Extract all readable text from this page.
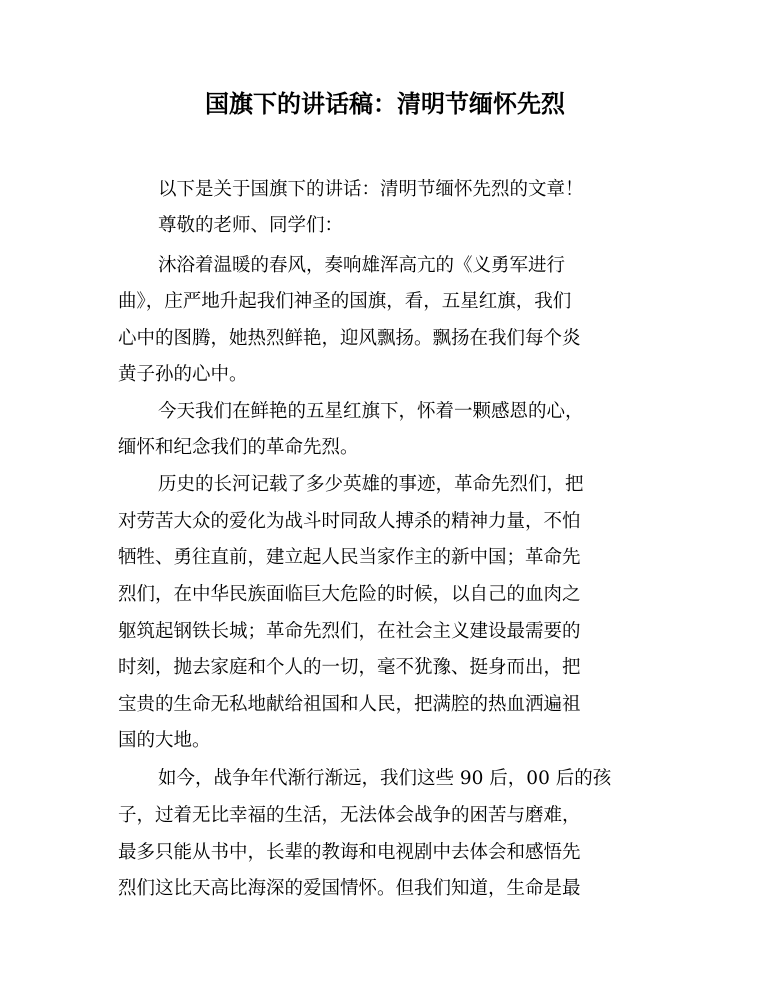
国旗下的讲话稿：清明节缅怀先烈
以下是关于国旗下的讲话：清明节缅怀先烈的文章！
尊敬的老师、同学们：
沐浴着温暖的春风，奏响雄浑高亢的《义勇军进行
曲》，庄严地升起我们神圣的国旗，看，五星红旗，我们
心中的图腾，她热烈鲜艳，迎风飘扬。飘扬在我们每个炎
黄子孙的心中。
今天我们在鲜艳的五星红旗下，怀着一颗感恩的心，
缅怀和纪念我们的革命先烈。
历史的长河记载了多少英雄的事迹，革命先烈们，把
对劳苦大众的爱化为战斗时同敌人搏杀的精神力量，不怕
牺牲、勇往直前，建立起人民当家作主的新中国；革命先
烈们，在中华民族面临巨大危险的时候，以自己的血肉之
躯筑起钢铁长城；革命先烈们，在社会主义建设最需要的
时刻，抛去家庭和个人的一切，毫不犹豫、挺身而出，把
宝贵的生命无私地献给祖国和人民，把满腔的热血洒遍祖
国的大地。
如今，战争年代渐行渐远，我们这些 90 后，00 后的孩
子，过着无比幸福的生活，无法体会战争的困苦与磨难，
最多只能从书中，长辈的教诲和电视剧中去体会和感悟先
烈们这比天高比海深的爱国情怀。但我们知道，生命是最
